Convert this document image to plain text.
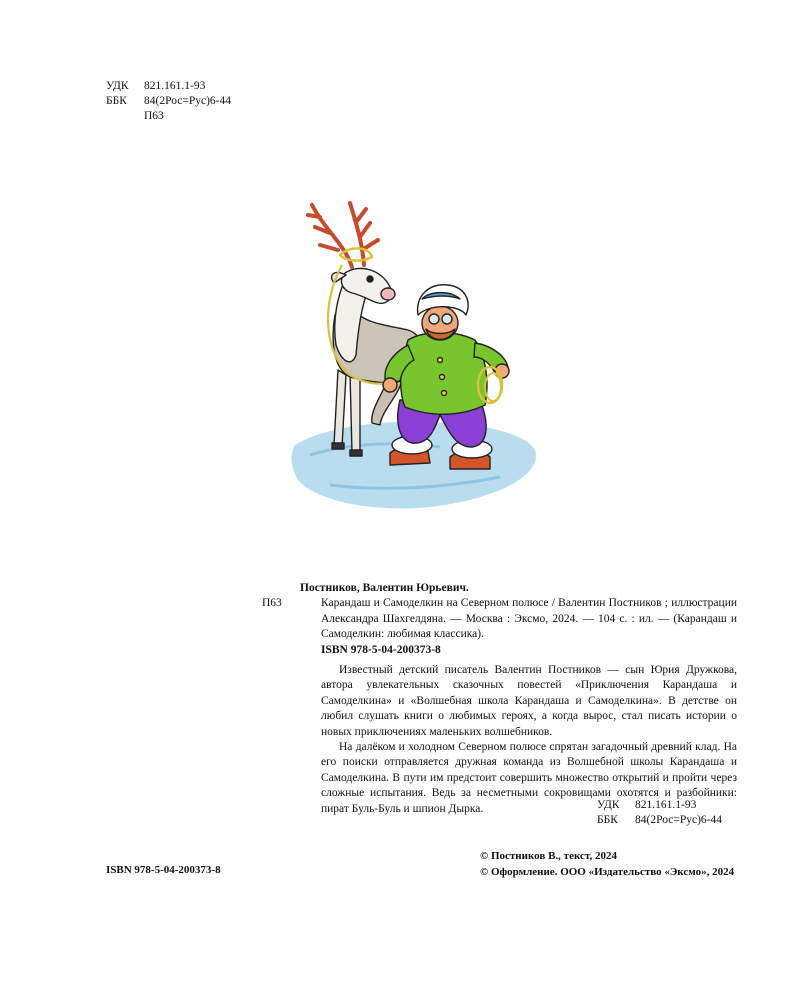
УДК	821.161.1-93
ББК	84(2Рос=Рус)6-44
П63
Постников, Валентин Юрьевич.
П63	Карандаш и Самоделкин на Северном полюсе / Валентин Постников ; иллюстрации Александра Шахгелдяна. — Москва : Эксмо, 2024. — 104 с. : ил. — (Карандаш и Самоделкин: любимая классика).
ISBN 978-5-04-200373-8

Известный детский писатель Валентин Постников — сын Юрия Дружкова, автора увлекательных сказочных повестей «Приключения Карандаша и Самоделкина» и «Волшебная школа Карандаша и Самоделкина». В детстве он любил слушать книги о любимых героях, а когда вырос, стал писать истории о новых приключениях маленьких волшебников.

На далёком и холодном Северном полюсе спрятан загадочный древний клад. На его поиски отправляется дружная команда из Волшебной школы Карандаша и Самоделкина. В пути им предстоит совершить множество открытий и пройти через сложные испытания. Ведь за несметными сокровищами охотятся и разбойники: пират Буль-Буль и шпион Дырка.	УДК	821.161.1-93
ББК	84(2Рос=Рус)6-44
ISBN 978-5-04-200373-8
© Постников В., текст, 2024
© Оформление. ООО «Издательство «Эксмо», 2024
